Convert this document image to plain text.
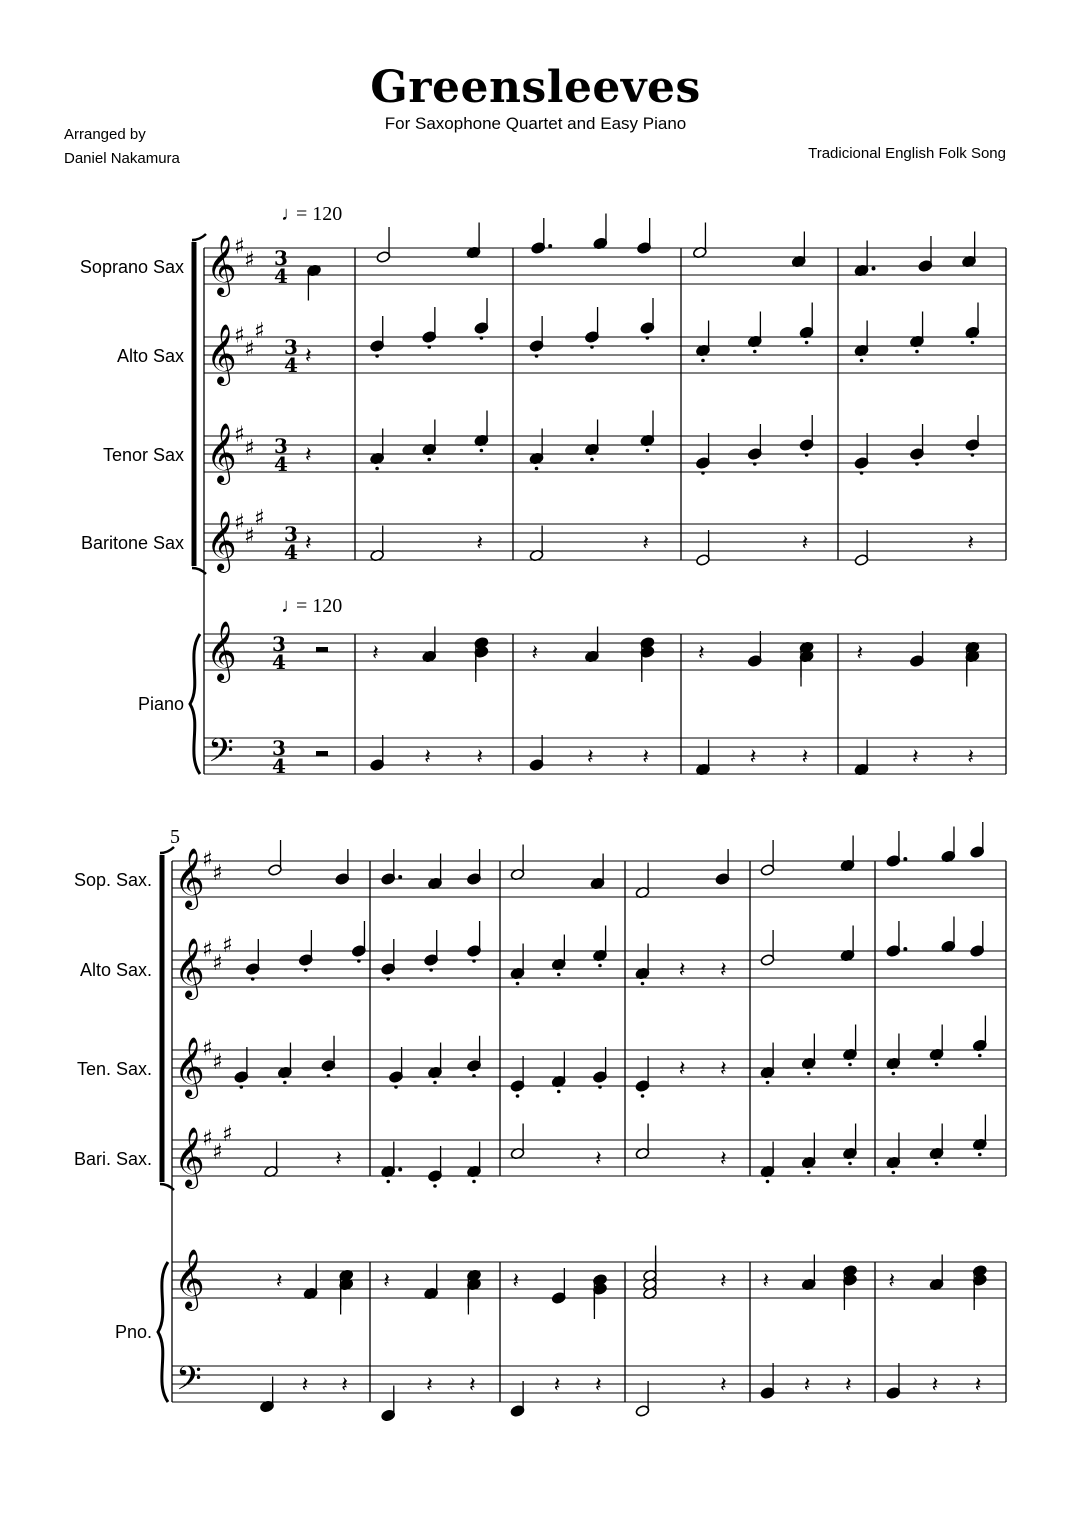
Greensleeves
For Saxophone Quartet and Easy Piano
Arranged by
Daniel Nakamura	Tradicional English Folk Song
Soprano Sax
Alto Sax
Tenor Sax
Baritone Sax
Piano
𝄞
♯
♯ 3
4
𝄞
♯
♯
♯
3
4 𝄽
𝄞
♯
♯ 3
4 𝄽
𝄞
♯
♯
♯
3
4 𝄽	𝄽	𝄽	𝄽	𝄽
𝄞 3
4	𝄽	𝄽	𝄽	𝄽
𝄢 3
4	𝄽 𝄽	𝄽 𝄽	𝄽 𝄽	𝄽 𝄽
Sop. Sax.
Alto Sax.
Ten. Sax.
Bari. Sax.
Pno.
𝄞
♯
♯
𝄞
♯
♯
♯
𝄽 𝄽
𝄞
♯
♯	𝄽 𝄽
𝄞
♯
♯
♯
𝄽	𝄽	𝄽
𝄞	𝄽	𝄽	𝄽	𝄽 𝄽	𝄽
𝄢	𝄽 𝄽	𝄽 𝄽	𝄽 𝄽	𝄽	𝄽 𝄽	𝄽 𝄽
♩
= 120
♩
= 120
5
